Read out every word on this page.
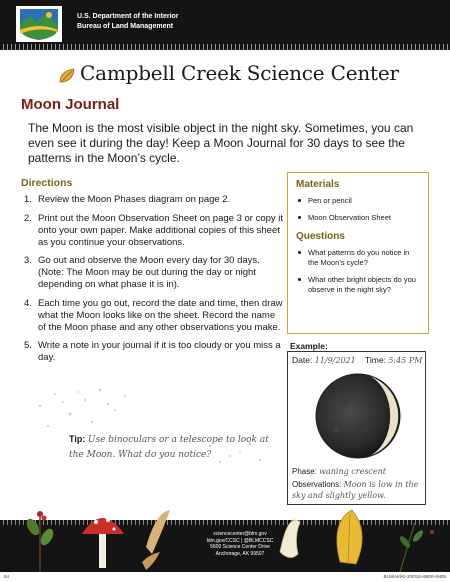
U.S. Department of the Interior
Bureau of Land Management
Campbell Creek Science Center
Moon Journal
The Moon is the most visible object in the night sky. Sometimes, you can even see it during the day! Keep a Moon Journal for 30 days to see the patterns in the Moon’s cycle.
Directions
1. Review the Moon Phases diagram on page 2.
2. Print out the Moon Observation Sheet on page 3 or copy it onto your own paper. Make additional copies of this sheet as you continue your observations.
3. Go out and observe the Moon every day for 30 days. (Note: The Moon may be out during the day or night depending on what phase it is in).
4. Each time you go out, record the date and time, then draw what the Moon looks like on the sheet. Record the name of the Moon phase and any other observations you make.
5. Write a note in your journal if it is too cloudy or you miss a day.
Materials
Pen or pencil
Moon Observation Sheet
Questions
What patterns do you notice in the Moon’s cycle?
What other bright objects do you observe in the night sky?
Example:
Date: 11/9/2021 Time: 5:45 PM
Phase: waning crescent
Observations: Moon is low in the sky and slightly yellow.
Tip: Use binoculars or a telescope to look at the Moon. What do you notice?
sciencecenter@blm.gov
blm.gov/CCSC | @BLMCCSC
5600 Science Center Drive
Anchorage, AK 99507
54	BLM/AK/KI-20/016+8600+9405
